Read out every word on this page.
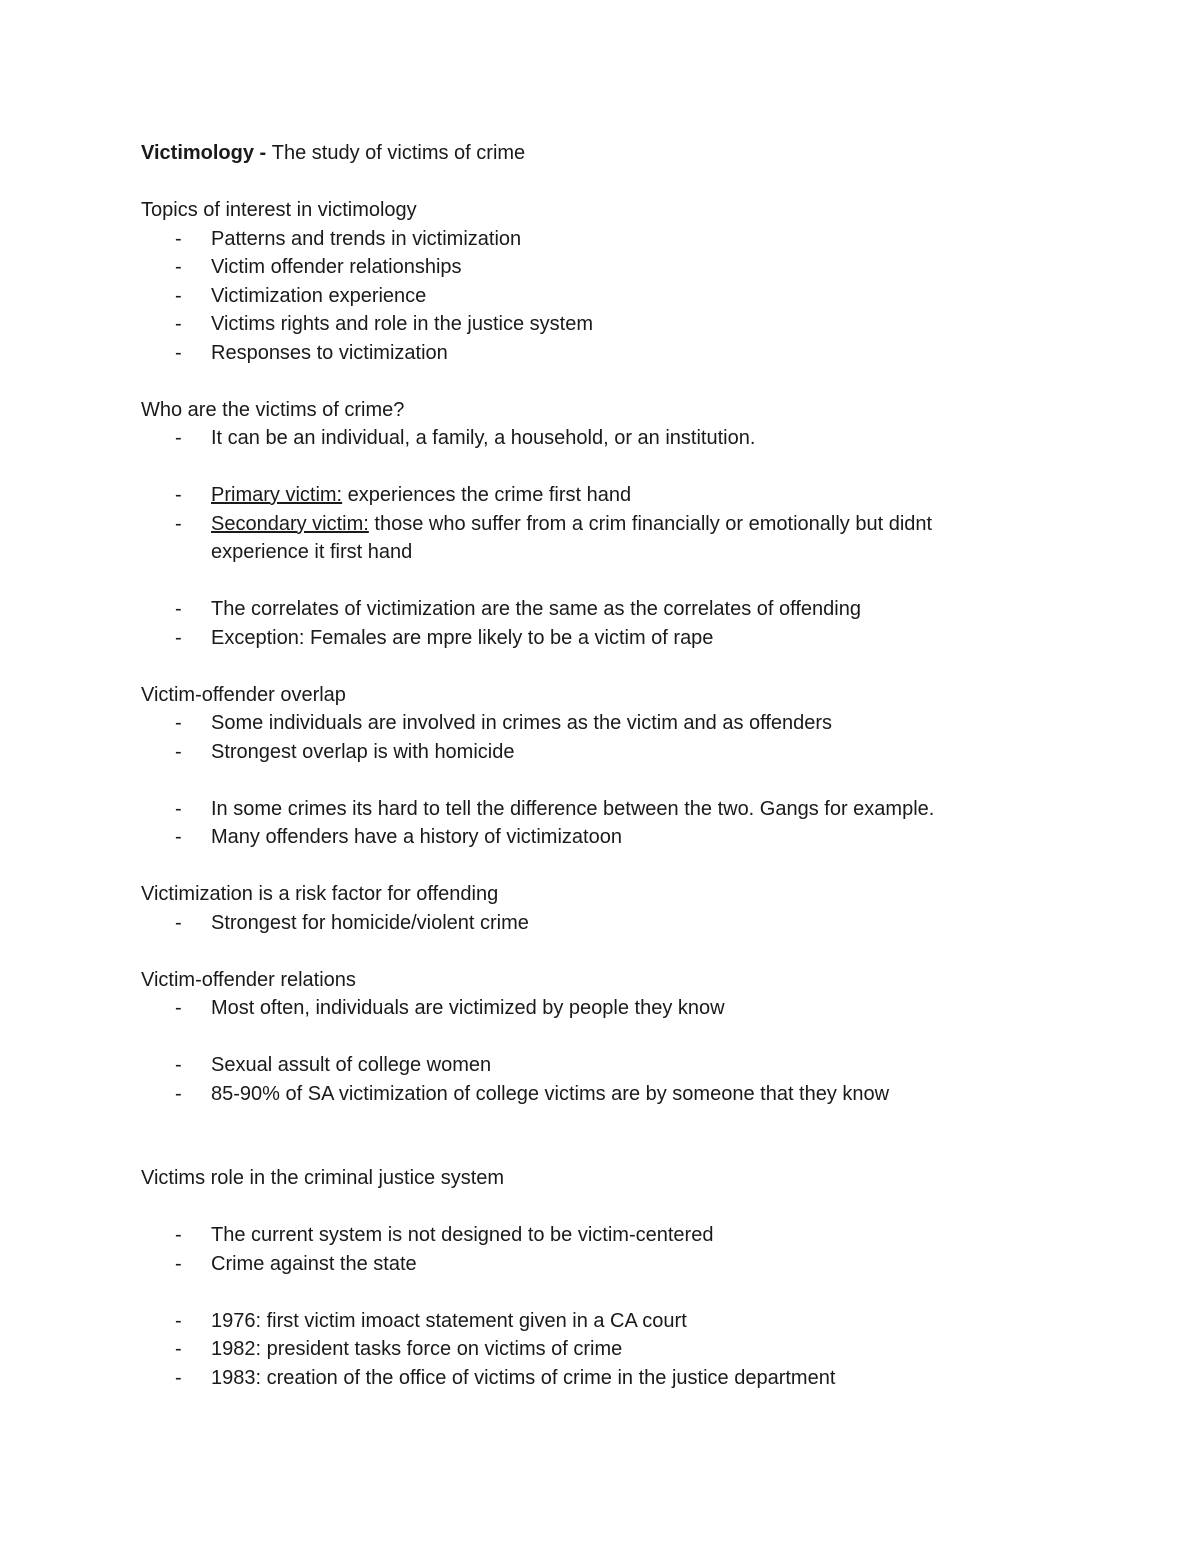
Victimology - The study of victims of crime

Topics of interest in victimology

- Patterns and trends in victimization
- Victim offender relationships
- Victimization experience
- Victims rights and role in the justice system
- Responses to victimization

Who are the victims of crime?

- It can be an individual, a family, a household, or an institution.
- Primary victim: experiences the crime first hand
- Secondary victim: those who suffer from a crim financially or emotionally but didnt experience it first hand
- The correlates of victimization are the same as the correlates of offending
- Exception: Females are mpre likely to be a victim of rape

Victim-offender overlap

- Some individuals are involved in crimes as the victim and as offenders
- Strongest overlap is with homicide
- In some crimes its hard to tell the difference between the two. Gangs for example.
- Many offenders have a history of victimizatoon

Victimization is a risk factor for offending

- Strongest for homicide/violent crime

Victim-offender relations

- Most often, individuals are victimized by people they know
- Sexual assult of college women
- 85-90% of SA victimization of college victims are by someone that they know

Victims role in the criminal justice system

- The current system is not designed to be victim-centered
- Crime against the state
- 1976: first victim imoact statement given in a CA court
- 1982: president tasks force on victims of crime
- 1983: creation of the office of victims of crime in the justice department
